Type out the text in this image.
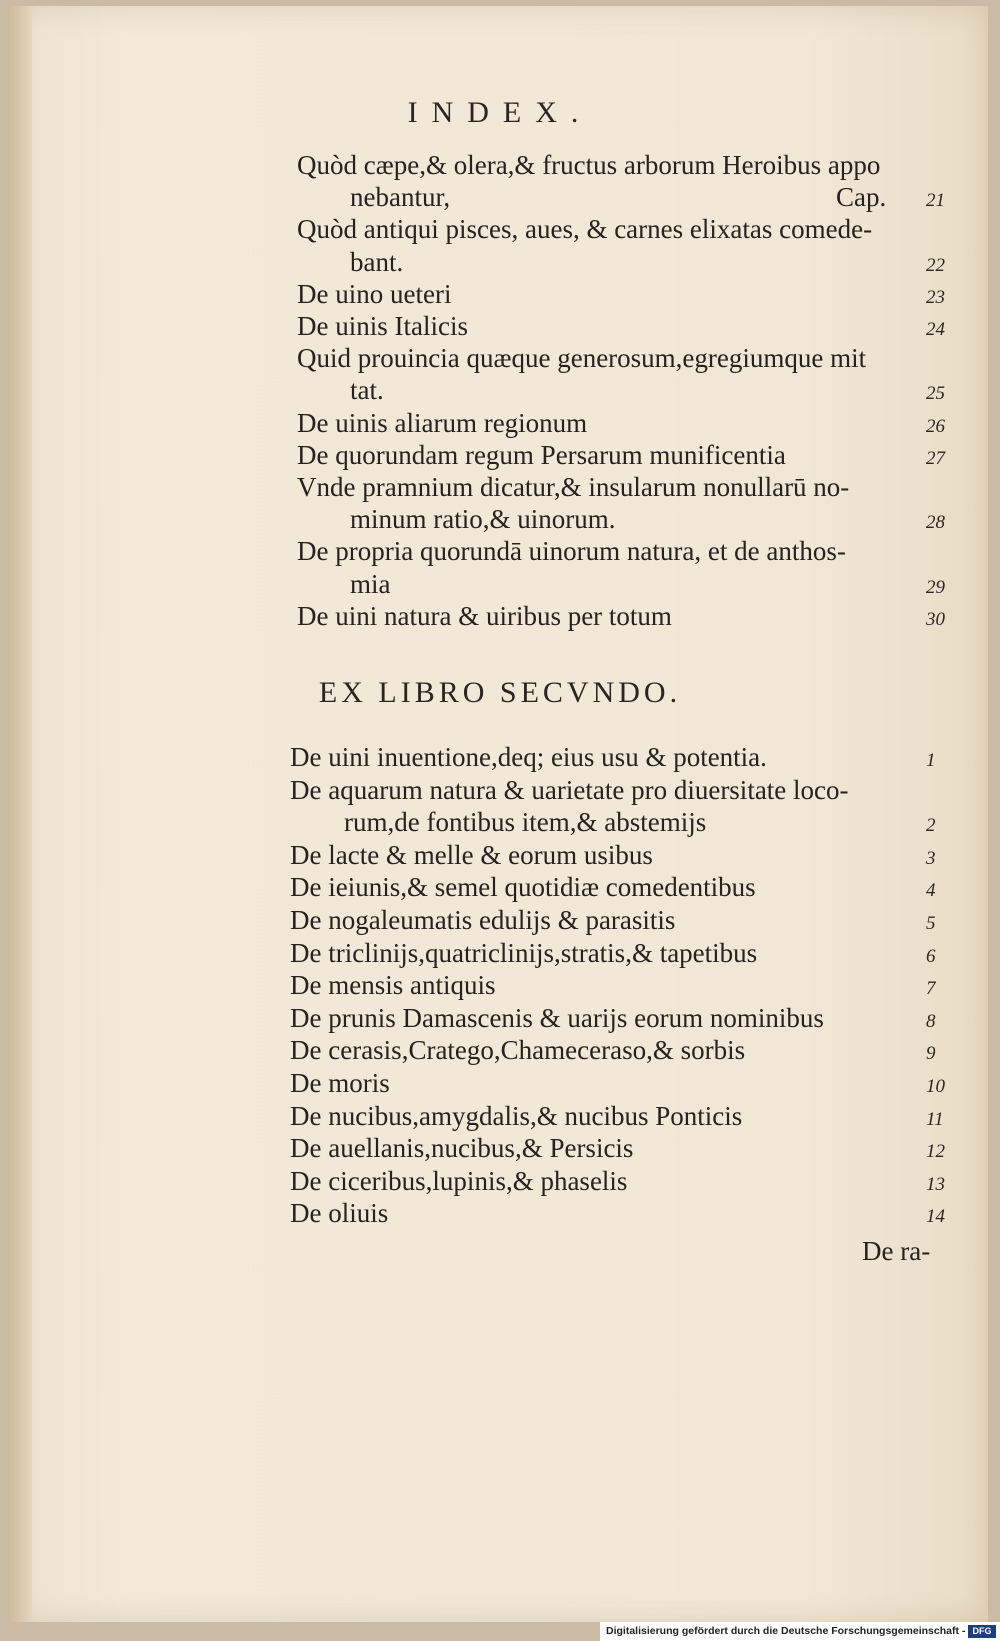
INDEX.
Quòd cæpe,& olera,& fructus arborum Heroibus appo
nebantur,	Cap. 21
Quòd antiqui pisces, aues, & carnes elixatas comede-
bant.	22
De uino ueteri	23
De uinis Italicis	24
Quid prouincia quæque generosum,egregiumque mit
tat.	25
De uinis aliarum regionum	26
De quorundam regum Persarum munificentia	27
Vnde pramnium dicatur,& insularum nonullarū no-
minum ratio,& uinorum.	28
De propria quorundā uinorum natura, et de anthos-
mia	29
De uini natura & uiribus per totum	30
EX LIBRO SECVNDO.
De uini inuentione,deq; eius usu & potentia.	1
De aquarum natura & uarietate pro diuersitate loco-
rum,de fontibus item,& abstemijs	2
De lacte & melle & eorum usibus	3
De ieiunis,& semel quotidiæ comedentibus	4
De nogaleumatis edulijs & parasitis	5
De triclinijs,quatriclinijs,stratis,& tapetibus	6
De mensis antiquis	7
De prunis Damascenis & uarijs eorum nominibus	8
De cerasis,Cratego,Chamecerasо,& sorbis	9
De moris	10
De nucibus,amygdalis,& nucibus Ponticis	11
De auellanis,nucibus,& Persicis	12
De ciceribus,lupinis,& phaselis	13
De oliuis	14
De ra-
Digitalisierung gefördert durch die Deutsche Forschungsgemeinschaft - DFG
